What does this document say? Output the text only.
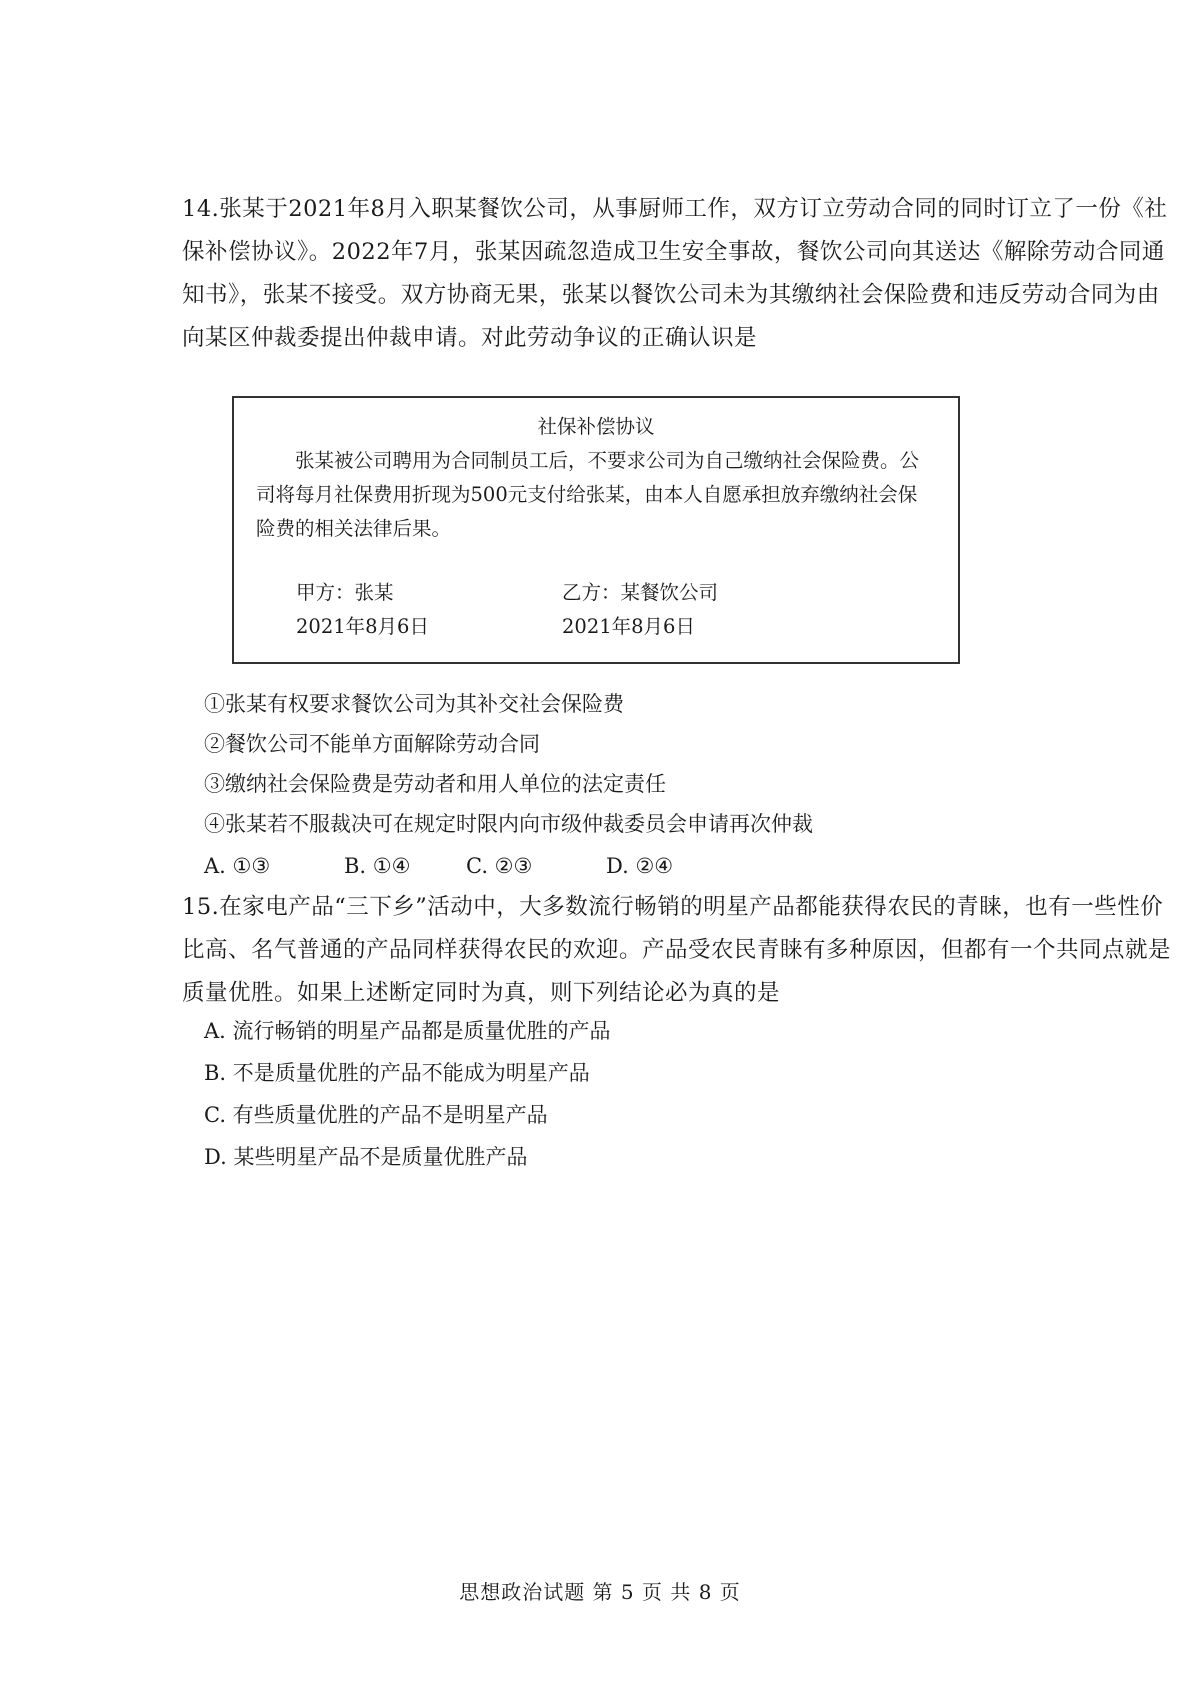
14.张某于2021年8月入职某餐饮公司，从事厨师工作，双方订立劳动合同的同时订立了一份《社保补偿协议》。2022年7月，张某因疏忽造成卫生安全事故，餐饮公司向其送达《解除劳动合同通知书》，张某不接受。双方协商无果，张某以餐饮公司未为其缴纳社会保险费和违反劳动合同为由向某区仲裁委提出仲裁申请。对此劳动争议的正确认识是

社保补偿协议

张某被公司聘用为合同制员工后，不要求公司为自己缴纳社会保险费。公司将每月社保费用折现为500元支付给张某，由本人自愿承担放弃缴纳社会保险费的相关法律后果。

甲方：张某
2021年8月6日
乙方：某餐饮公司
2021年8月6日
①张某有权要求餐饮公司为其补交社会保险费
②餐饮公司不能单方面解除劳动合同
③缴纳社会保险费是劳动者和用人单位的法定责任
④张某若不服裁决可在规定时限内向市级仲裁委员会申请再次仲裁
A. ①③	B. ①④	C. ②③	D. ②④

15.在家电产品“三下乡”活动中，大多数流行畅销的明星产品都能获得农民的青睐，也有一些性价比高、名气普通的产品同样获得农民的欢迎。产品受农民青睐有多种原因，但都有一个共同点就是质量优胜。如果上述断定同时为真，则下列结论必为真的是

A. 流行畅销的明星产品都是质量优胜的产品
B. 不是质量优胜的产品不能成为明星产品
C. 有些质量优胜的产品不是明星产品
D. 某些明星产品不是质量优胜产品
思想政治试题 第 5 页 共 8 页
